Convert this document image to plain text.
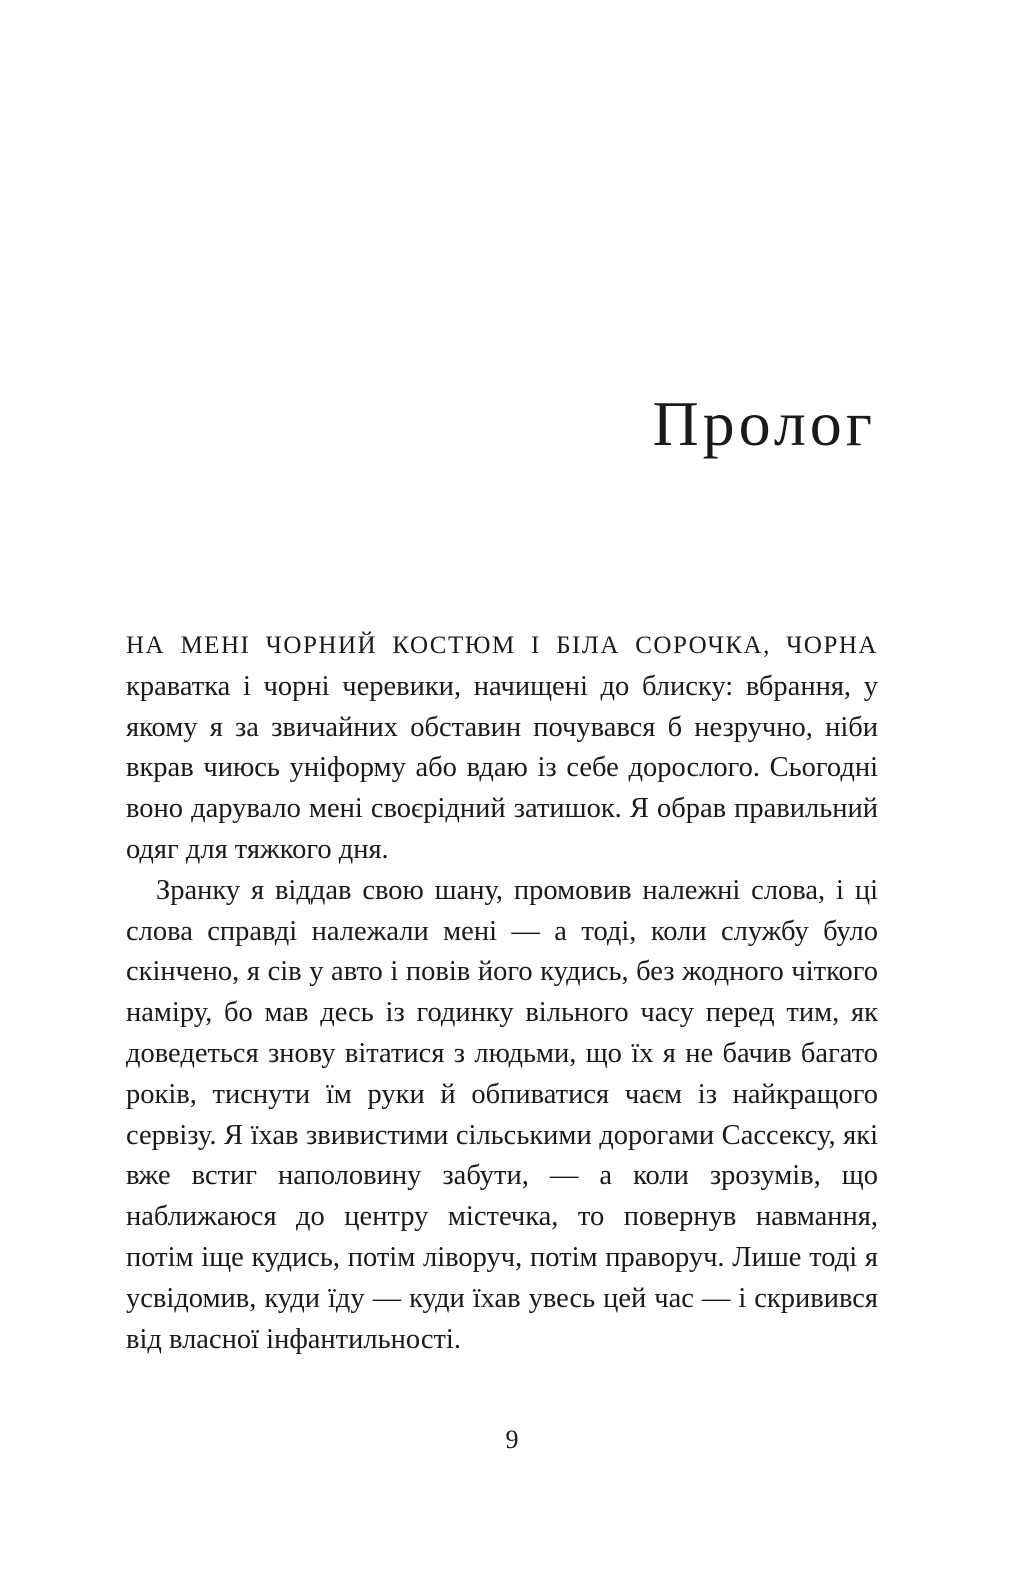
Пролог

НА МЕНІ ЧОРНИЙ КОСТЮМ І БІЛА СОРОЧКА, ЧОРНА краватка і чорні черевики, начищені до блиску: вбрання, у якому я за звичайних обставин почувався б незручно, ніби вкрав чиюсь уніформу або вдаю із себе дорослого. Сьогодні воно дарувало мені своєрідний затишок. Я обрав правильний одяг для тяжкого дня.

Зранку я віддав свою шану, промовив належні слова, і ці слова справді належали мені — а тоді, коли службу було скінчено, я сів у авто і повів його кудись, без жодного чіткого наміру, бо мав десь із годинку вільного часу перед тим, як доведеться знову вітатися з людьми, що їх я не бачив багато років, тиснути їм руки й обпиватися чаєм із найкращого сервізу. Я їхав звивистими сільськими дорогами Сассексу, які вже встиг наполовину забути, — а коли зрозумів, що наближаюся до центру містечка, то повернув навмання, потім іще кудись, потім ліворуч, потім праворуч. Лише тоді я усвідомив, куди їду — куди їхав увесь цей час — і скривився від власної інфантильності.

9
